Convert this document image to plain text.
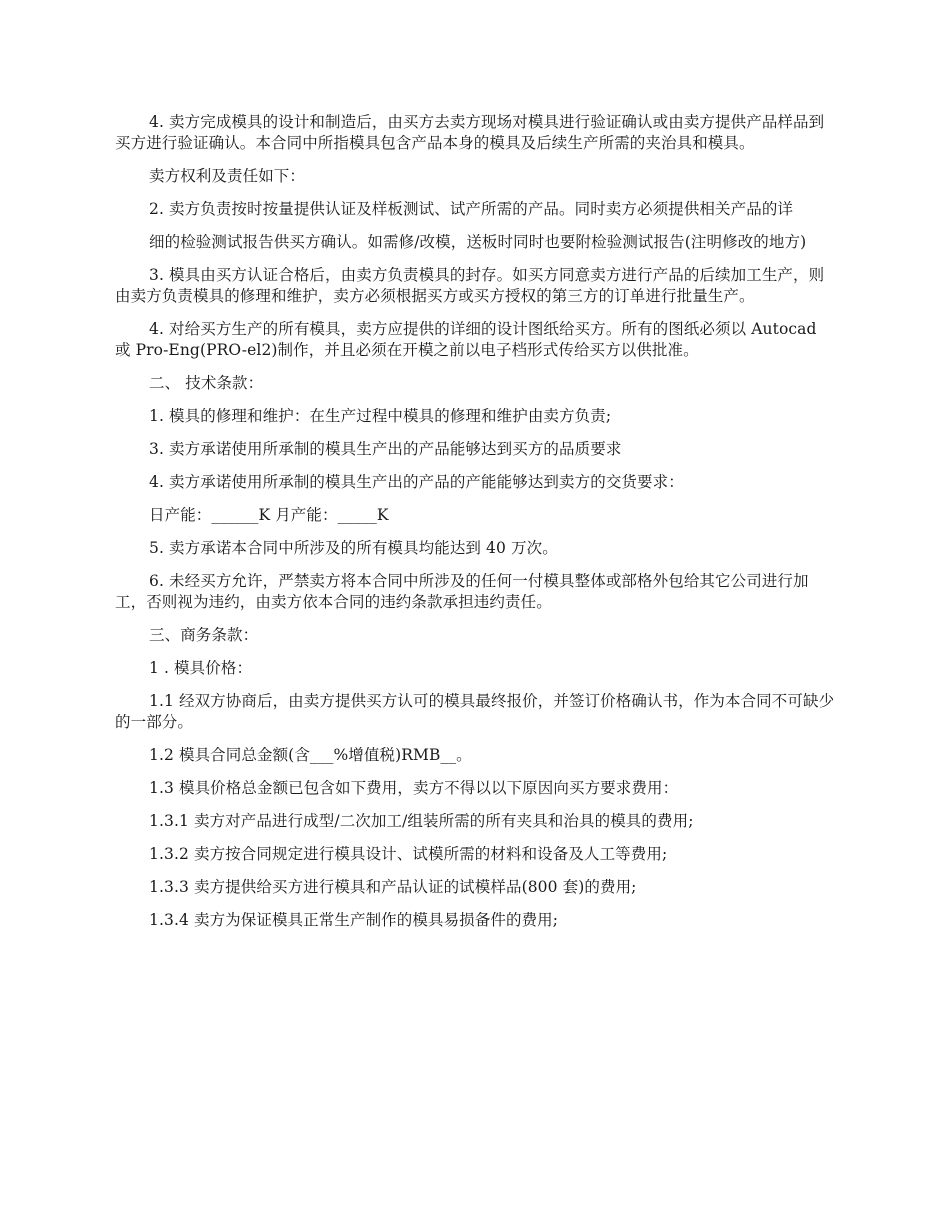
4. 卖方完成模具的设计和制造后，由买方去卖方现场对模具进行验证确认或由卖方提供产品样品到买方进行验证确认。本合同中所指模具包含产品本身的模具及后续生产所需的夹治具和模具。

卖方权利及责任如下：

2. 卖方负责按时按量提供认证及样板测试、试产所需的产品。同时卖方必须提供相关产品的详

细的检验测试报告供买方确认。如需修/改模，送板时同时也要附检验测试报告(注明修改的地方)

3. 模具由买方认证合格后，由卖方负责模具的封存。如买方同意卖方进行产品的后续加工生产，则由卖方负责模具的修理和维护，卖方必须根据买方或买方授权的第三方的订单进行批量生产。

4. 对给买方生产的所有模具，卖方应提供的详细的设计图纸给买方。所有的图纸必须以 Autocad 或 Pro-Eng(PRO-el2)制作，并且必须在开模之前以电子档形式传给买方以供批准。

二、 技术条款：

1. 模具的修理和维护：在生产过程中模具的修理和维护由卖方负责;

3. 卖方承诺使用所承制的模具生产出的产品能够达到买方的品质要求

4. 卖方承诺使用所承制的模具生产出的产品的产能能够达到卖方的交货要求：

日产能：______K 月产能：_____K

5. 卖方承诺本合同中所涉及的所有模具均能达到 40 万次。

6. 未经买方允许，严禁卖方将本合同中所涉及的任何一付模具整体或部格外包给其它公司进行加工，否则视为违约，由卖方依本合同的违约条款承担违约责任。

三、商务条款：

1 . 模具价格：

1.1 经双方协商后，由卖方提供买方认可的模具最终报价，并签订价格确认书，作为本合同不可缺少的一部分。

1.2 模具合同总金额(含___%增值税)RMB__。

1.3 模具价格总金额已包含如下费用，卖方不得以以下原因向买方要求费用：

1.3.1 卖方对产品进行成型/二次加工/组装所需的所有夹具和治具的模具的费用;

1.3.2 卖方按合同规定进行模具设计、试模所需的材料和设备及人工等费用;

1.3.3 卖方提供给买方进行模具和产品认证的试模样品(800 套)的费用;

1.3.4 卖方为保证模具正常生产制作的模具易损备件的费用;
